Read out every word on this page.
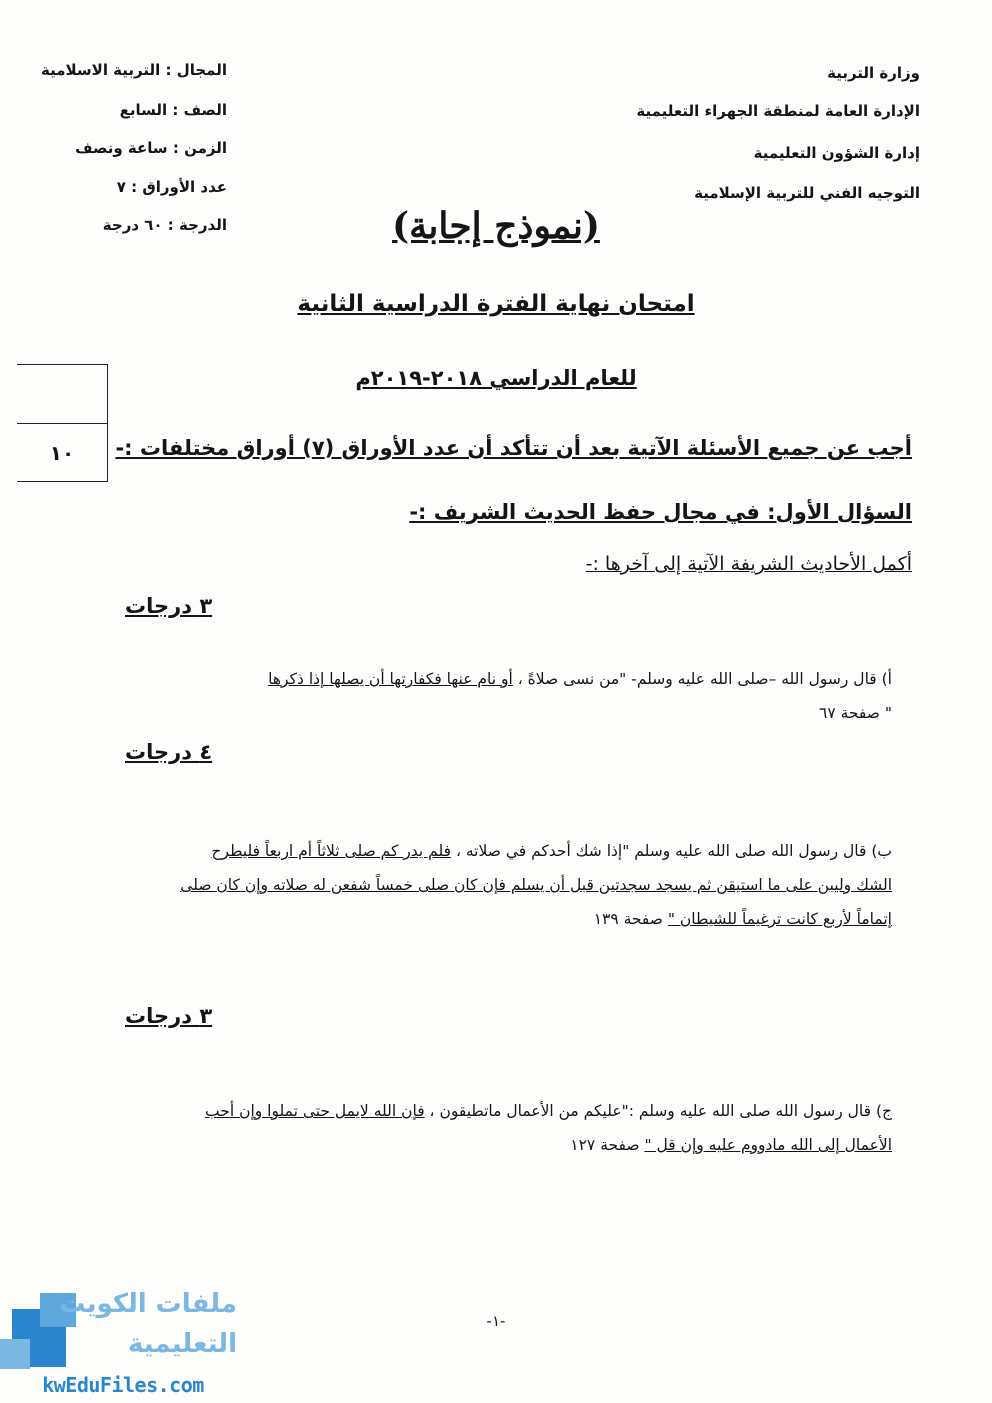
وزارة التربية
الإدارة العامة لمنطقة الجهراء التعليمية
إدارة الشؤون التعليمية
التوجيه الفني للتربية الإسلامية
المجال : التربية الاسلامية
الصف : السابع
الزمن : ساعة ونصف
عدد الأوراق : ٧
الدرجة : ٦٠ درجة	(نموذج إجابة)
امتحان نهاية الفترة الدراسية الثانية
للعام الدراسي ٢٠١٨-٢٠١٩م
١٠	أجب عن جميع الأسئلة الآتية بعد أن تتأكد أن عدد الأوراق (٧) أوراق مختلفات :-
السؤال الأول: في مجال حفظ الحديث الشريف :-
أكمل الأحاديث الشريفة الآتية إلى آخرها :-
٣ درجات
٤ درجات
٣ درجات
أ) قال رسول الله –صلى الله عليه وسلم- "من نسى صلاةً ، أو نام عنها فكفارتها أن يصلها إذا ذكرها
" صفحة ٦٧
ب) قال رسول الله صلى الله عليه وسلم "إذا شك أحدكم في صلاته ، فلم يدر كم صلى ثلاثاً أم اربعاً فليطرح
الشك وليبن على ما استيقن ثم يسجد سجدتين قبل أن يسلم فإن كان صلى خمساً شفعن له صلاته وإن كان صلى
إتماماً لأربع كانت ترغيماً للشيطان " صفحة ١٣٩
ج) قال رسول الله صلى الله عليه وسلم :"عليكم من الأعمال ماتطيقون ، فإن الله لايمل حتى تملوا وإن أحب
الأعمال إلى الله مادووم عليه وإن قل " صفحة ١٢٧
-١-
ملفات الكويت
التعليمية
kwEduFiles.com
